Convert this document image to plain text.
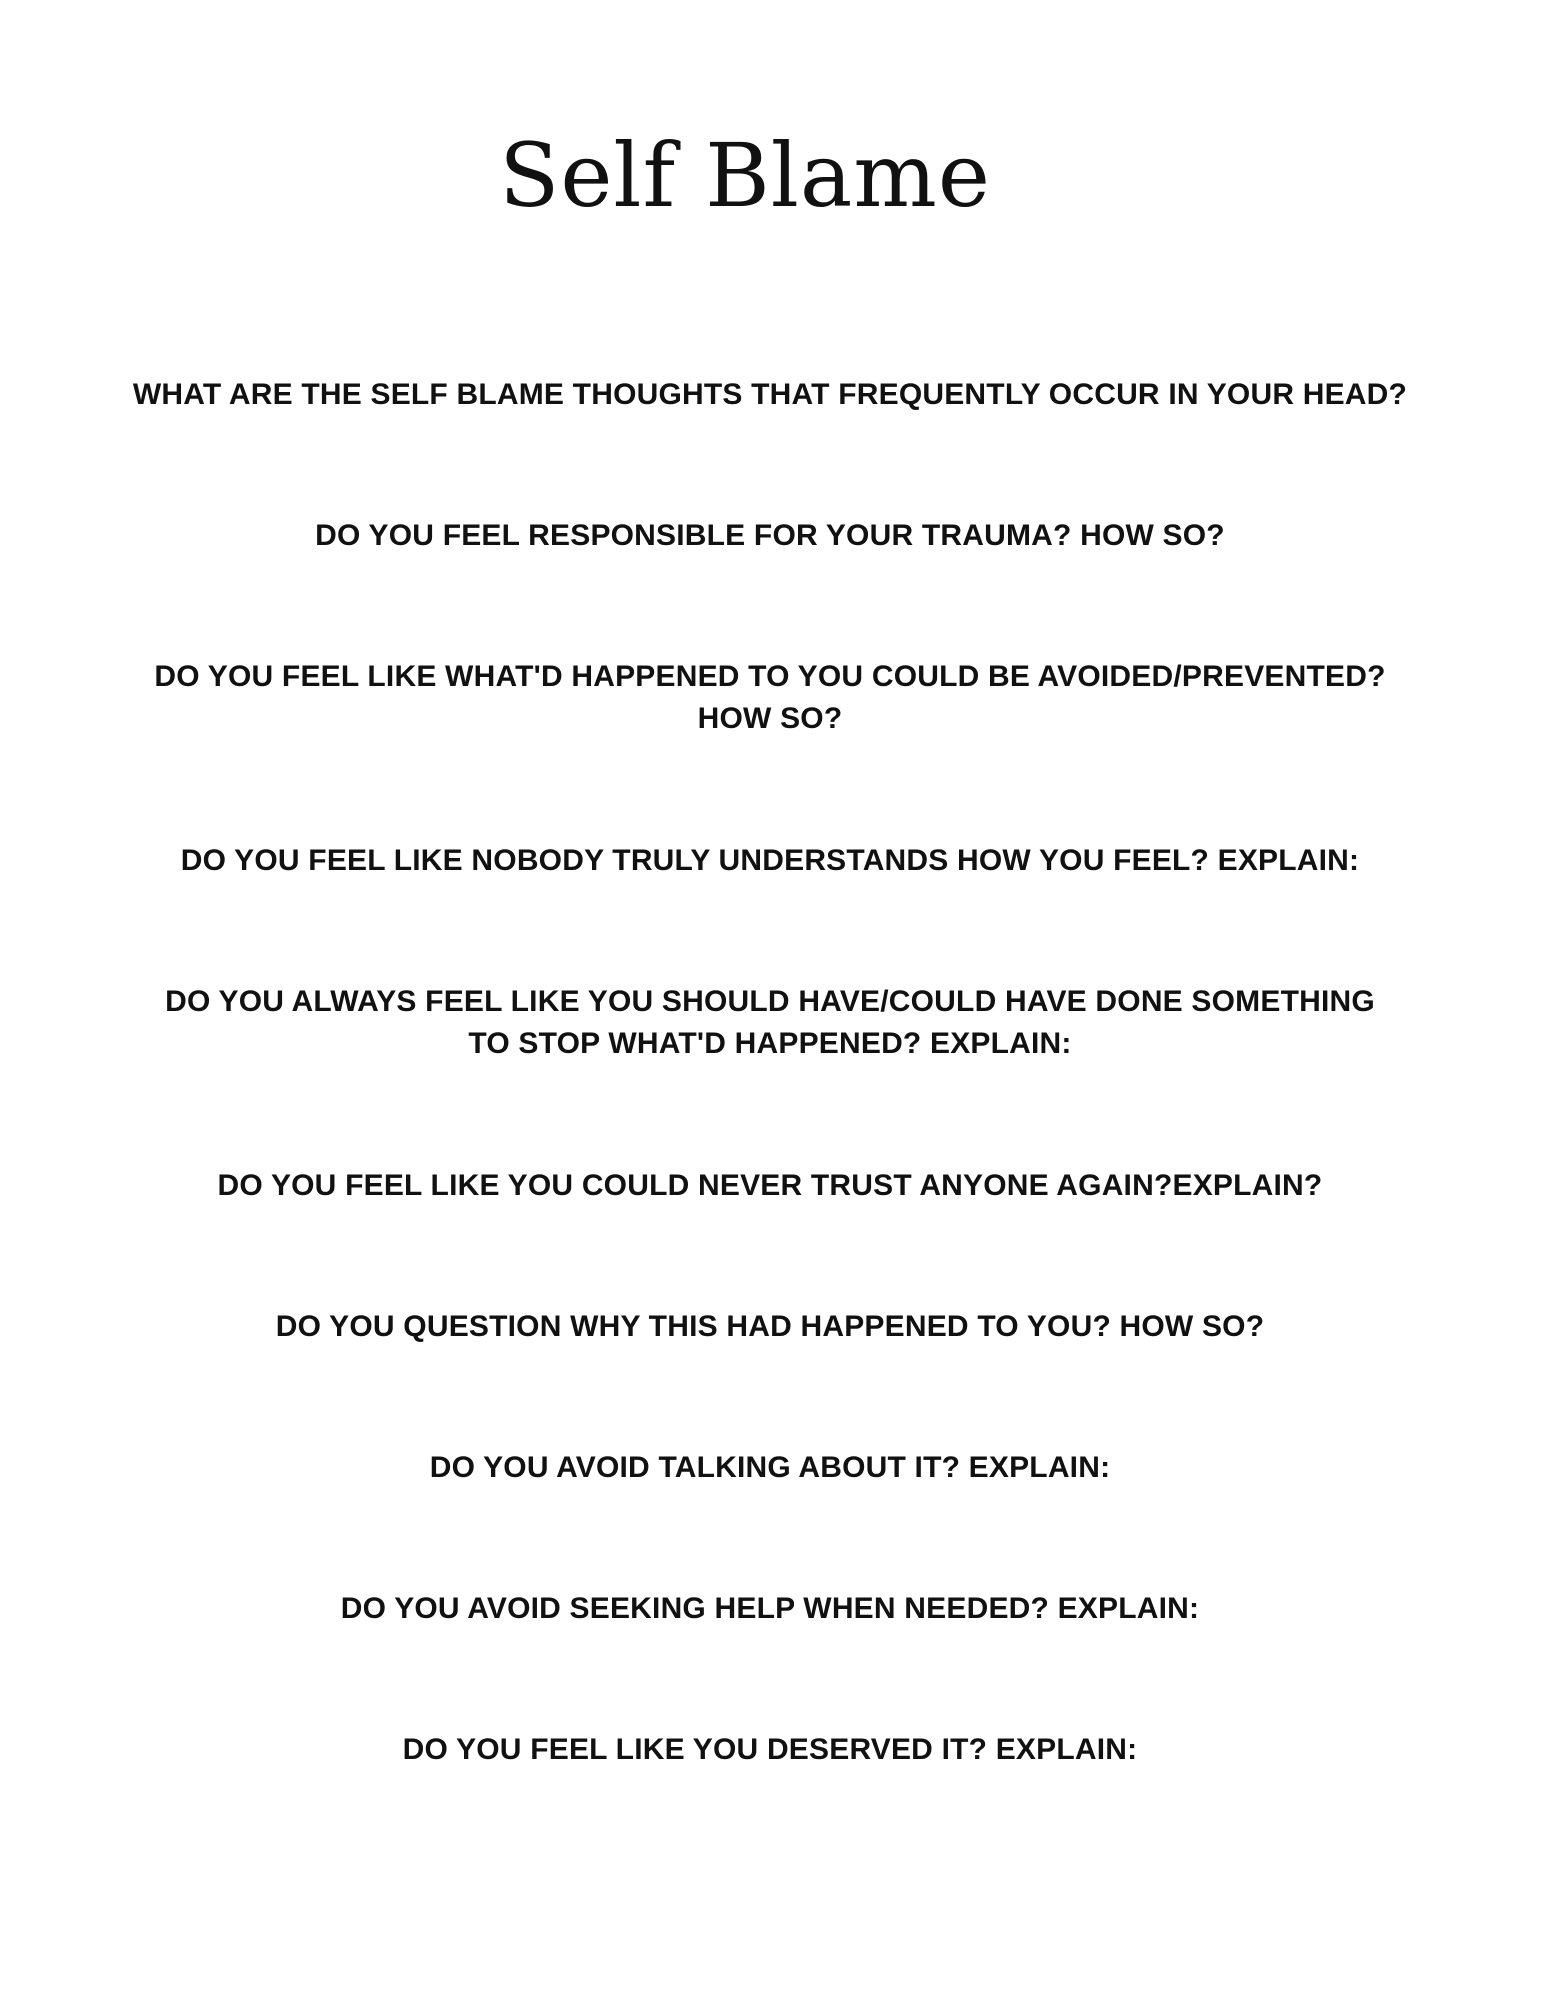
Self Blame

WHAT ARE THE SELF BLAME THOUGHTS THAT FREQUENTLY OCCUR IN YOUR HEAD?

DO YOU FEEL RESPONSIBLE FOR YOUR TRAUMA? HOW SO?

DO YOU FEEL LIKE WHAT'D HAPPENED TO YOU COULD BE AVOIDED/PREVENTED?
HOW SO?

DO YOU FEEL LIKE NOBODY TRULY UNDERSTANDS HOW YOU FEEL? EXPLAIN:

DO YOU ALWAYS FEEL LIKE YOU SHOULD HAVE/COULD HAVE DONE SOMETHING
TO STOP WHAT'D HAPPENED? EXPLAIN:

DO YOU FEEL LIKE YOU COULD NEVER TRUST ANYONE AGAIN?EXPLAIN?

DO YOU QUESTION WHY THIS HAD HAPPENED TO YOU? HOW SO?

DO YOU AVOID TALKING ABOUT IT? EXPLAIN:

DO YOU AVOID SEEKING HELP WHEN NEEDED? EXPLAIN:

DO YOU FEEL LIKE YOU DESERVED IT? EXPLAIN:
